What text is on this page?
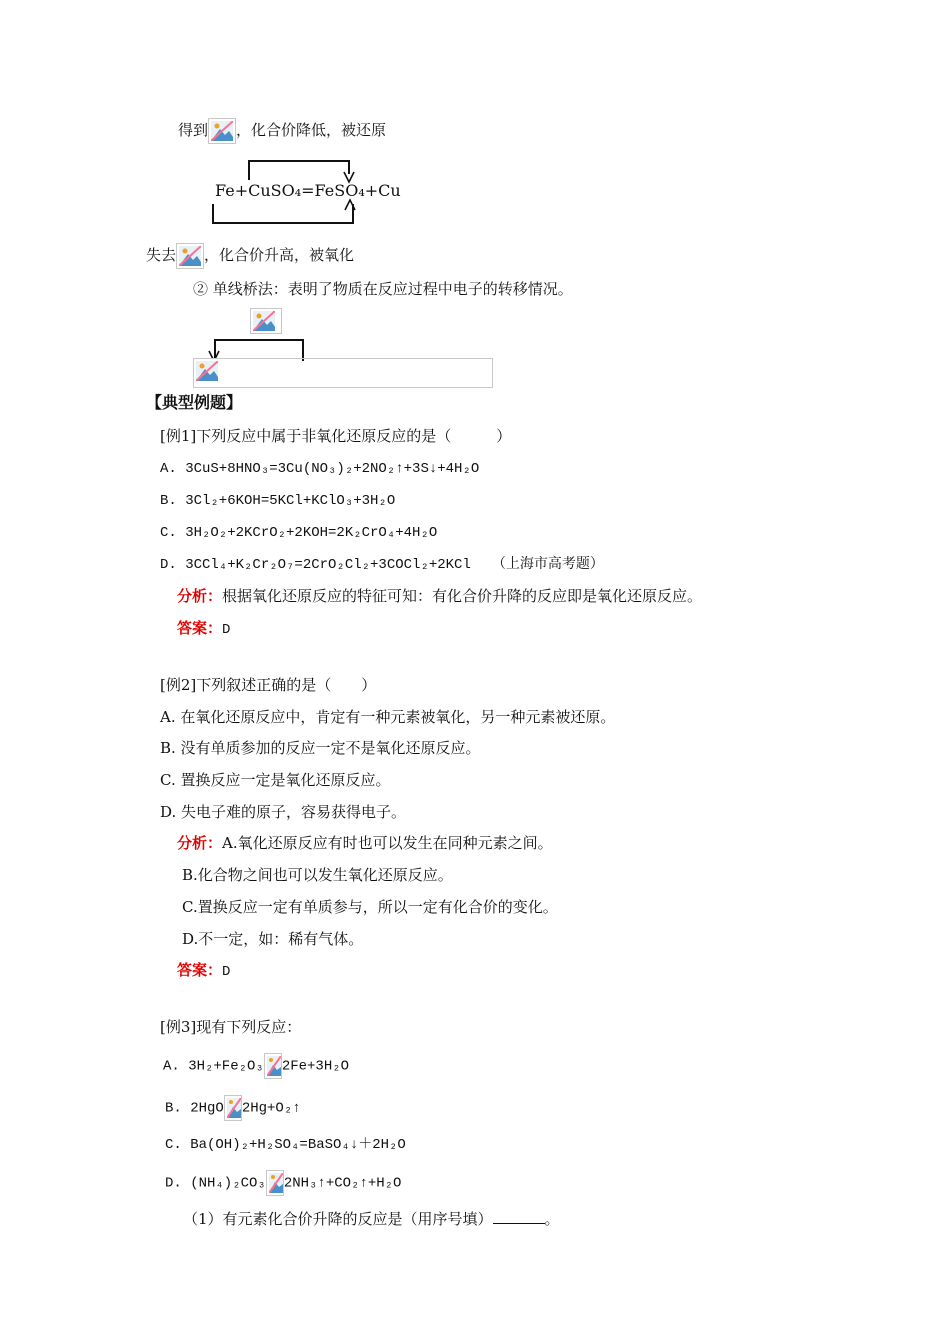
得到 ，化合价降低，被还原
Fe+CuSO₄=FeSO₄+Cu
失去 ，化合价升高，被氧化
② 单线桥法：表明了物质在反应过程中电子的转移情况。
【典型例题】
[例1]下列反应中属于非氧化还原反应的是（　　　）
A. 3CuS+8HNO₃=3Cu(NO₃)₂+2NO₂↑+3S↓+4H₂O
B. 3Cl₂+6KOH=5KCl+KClO₃+3H₂O
C. 3H₂O₂+2KCrO₂+2KOH=2K₂CrO₄+4H₂O
D. 3CCl₄+K₂Cr₂O₇=2CrO₂Cl₂+3COCl₂+2KCl　　（上海市高考题）
分析：根据氧化还原反应的特征可知：有化合价升降的反应即是氧化还原反应。
答案：D
[例2]下列叙述正确的是（　　）
A. 在氧化还原反应中，肯定有一种元素被氧化，另一种元素被还原。
B. 没有单质参加的反应一定不是氧化还原反应。
C. 置换反应一定是氧化还原反应。
D. 失电子难的原子，容易获得电子。
分析：A.氧化还原反应有时也可以发生在同种元素之间。
B.化合物之间也可以发生氧化还原反应。
C.置换反应一定有单质参与，所以一定有化合价的变化。
D.不一定，如：稀有气体。
答案：D
[例3]现有下列反应：
A. 3H₂+Fe₂O₃ 2Fe+3H₂O
B. 2HgO 2Hg+O₂↑
C. Ba(OH)₂+H₂SO₄=BaSO₄↓＋2H₂O
D. (NH₄)₂CO₃ 2NH₃↑+CO₂↑+H₂O
（1）有元素化合价升降的反应是（用序号填）	。
